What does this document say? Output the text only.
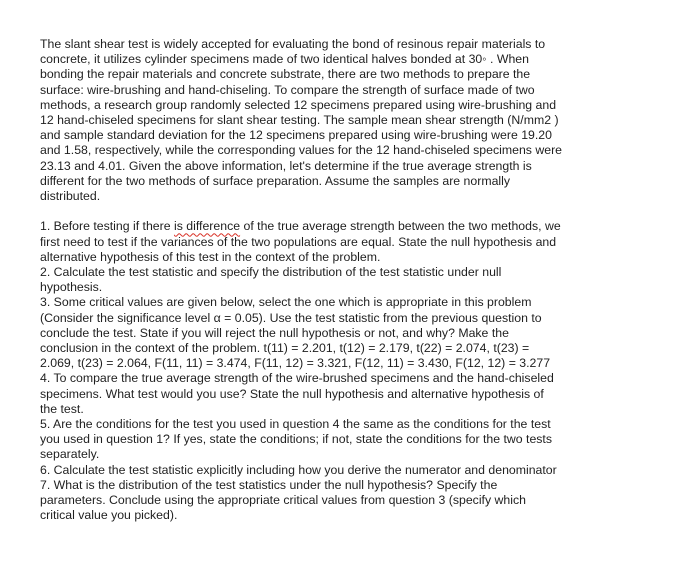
The slant shear test is widely accepted for evaluating the bond of resinous repair materials to
concrete, it utilizes cylinder specimens made of two identical halves bonded at 30◦ . When
bonding the repair materials and concrete substrate, there are two methods to prepare the
surface: wire-brushing and hand-chiseling. To compare the strength of surface made of two
methods, a research group randomly selected 12 specimens prepared using wire-brushing and
12 hand-chiseled specimens for slant shear testing. The sample mean shear strength (N/mm2 )
and sample standard deviation for the 12 specimens prepared using wire-brushing were 19.20
and 1.58, respectively, while the corresponding values for the 12 hand-chiseled specimens were
23.13 and 4.01. Given the above information, let's determine if the true average strength is
different for the two methods of surface preparation. Assume the samples are normally
distributed.
1. Before testing if there is difference of the true average strength between the two methods, we
first need to test if the variances of the two populations are equal. State the null hypothesis and
alternative hypothesis of this test in the context of the problem.
2. Calculate the test statistic and specify the distribution of the test statistic under null
hypothesis.
3. Some critical values are given below, select the one which is appropriate in this problem
(Consider the significance level α = 0.05). Use the test statistic from the previous question to
conclude the test. State if you will reject the null hypothesis or not, and why? Make the
conclusion in the context of the problem. t(11) = 2.201, t(12) = 2.179, t(22) = 2.074, t(23) =
2.069, t(23) = 2.064, F(11, 11) = 3.474, F(11, 12) = 3.321, F(12, 11) = 3.430, F(12, 12) = 3.277
4. To compare the true average strength of the wire-brushed specimens and the hand-chiseled
specimens. What test would you use? State the null hypothesis and alternative hypothesis of
the test.
5. Are the conditions for the test you used in question 4 the same as the conditions for the test
you used in question 1? If yes, state the conditions; if not, state the conditions for the two tests
separately.
6. Calculate the test statistic explicitly including how you derive the numerator and denominator
7. What is the distribution of the test statistics under the null hypothesis? Specify the
parameters. Conclude using the appropriate critical values from question 3 (specify which
critical value you picked).
